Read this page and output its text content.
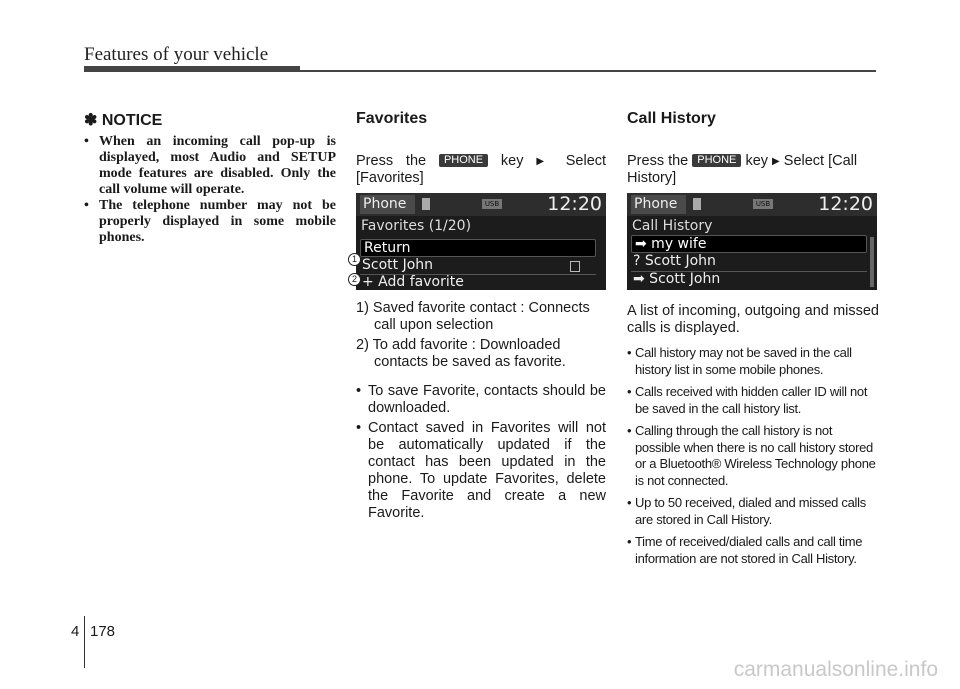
Features of your vehicle
✽ NOTICE
• When an incoming call pop-up is displayed, most Audio and SETUP mode features are disabled. Only the call volume will operate.
• The telephone number may not be properly displayed in some mobile phones.
Favorites

Press the PHONE key ▶ Select [Favorites]

Phone	USB	12:20
Favorites (1/20)
Return
Scott John
+ Add favorite
1
2
1) Saved favorite contact : Connects call upon selection
2) To add favorite : Downloaded contacts be saved as favorite.
• To save Favorite, contacts should be downloaded.
• Contact saved in Favorites will not be automatically updated if the contact has been updated in the phone. To update Favorites, delete the Favorite and create a new Favorite.
Call History

Press the PHONE key ▶ Select [Call History]

Phone	USB	12:20
Call History
➡ my wife
? Scott John
➡ Scott John

A list of incoming, outgoing and missed calls is displayed.

• Call history may not be saved in the call history list in some mobile phones.
• Calls received with hidden caller ID will not be saved in the call history list.
• Calling through the call history is not possible when there is no call history stored or a Bluetooth® Wireless Technology phone is not connected.
• Up to 50 received, dialed and missed calls are stored in Call History.
• Time of received/dialed calls and call time information are not stored in Call History.
4 178
carmanualsonline.info
